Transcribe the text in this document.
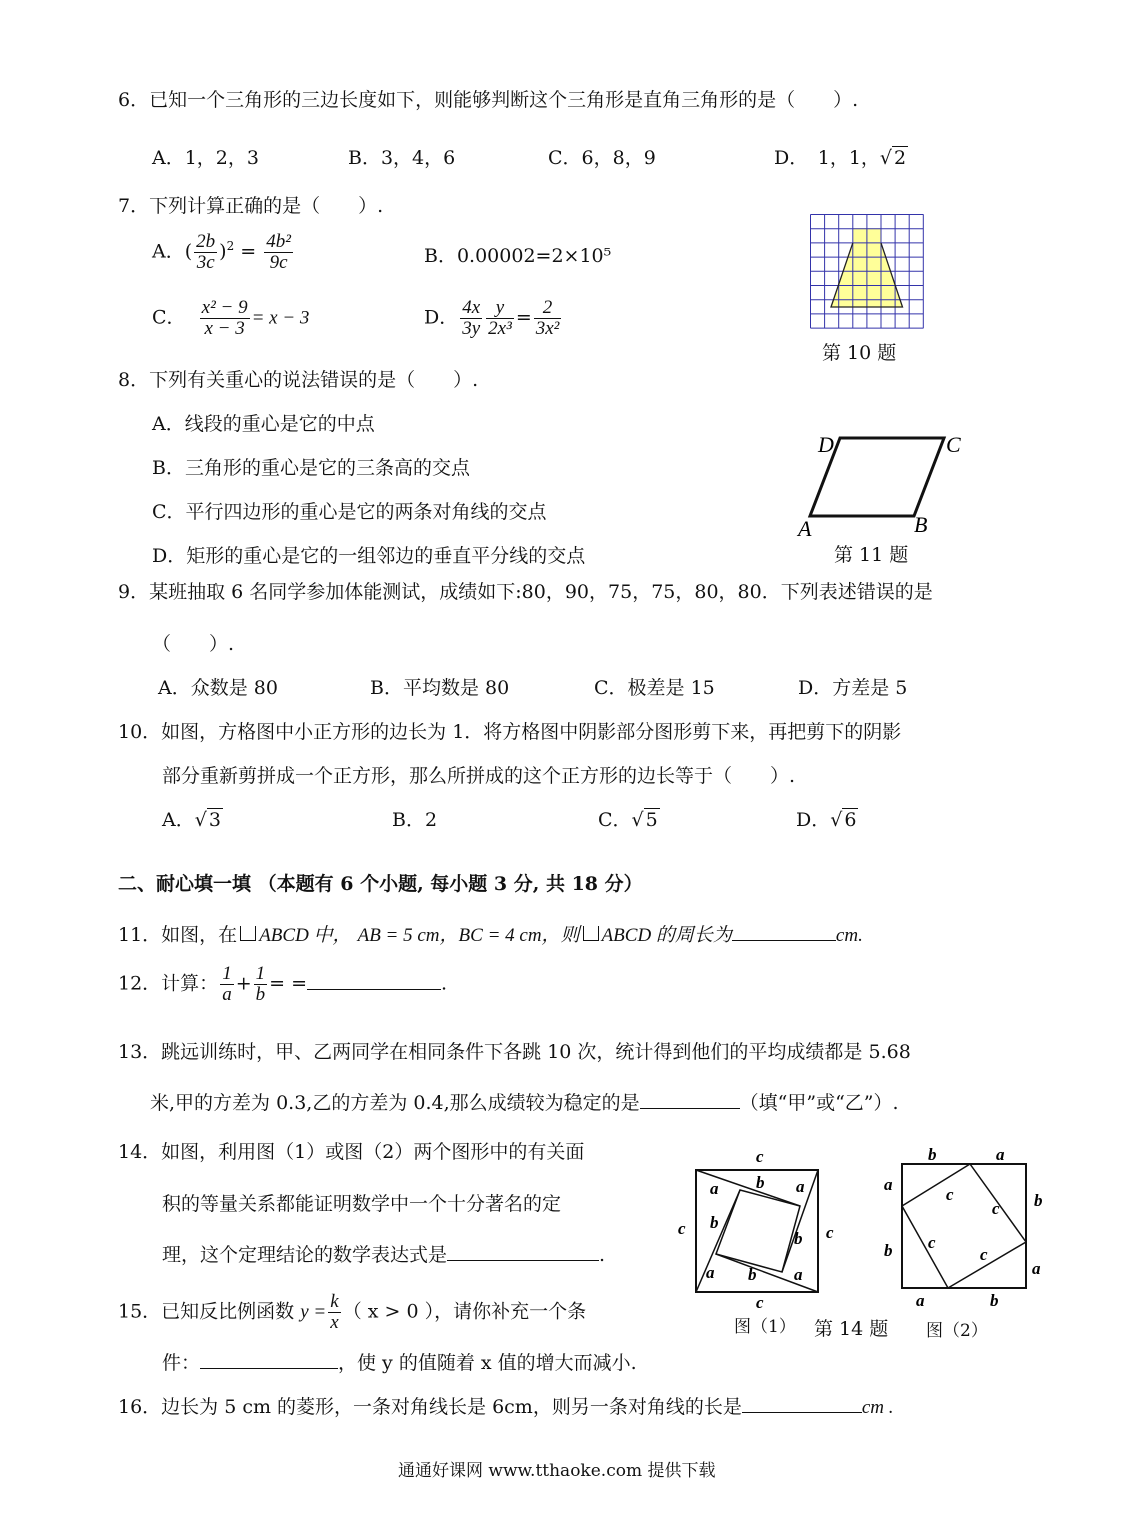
6．已知一个三角形的三边长度如下，则能够判断这个三角形是直角三角形的是（　　）.
A．1，2，3	B．3，4，6	C．6，8，9	D．　1，1，√ 2
7．下列计算正确的是（　　）.
A．( $\frac{2b}{3c} )^2 = \frac{\text{4b²}}{9c}$	B．0.00002=2×10⁵
C． $\frac{\text{x² − 9}}{x - 3} = x - 3$	D． $\frac{4x}{3y} \frac{y}{\text{2x³}} = \frac{2}{\text{3x²}}$
第 10 题
8．下列有关重心的说法错误的是（　　）.
A．线段的重心是它的中点
B．三角形的重心是它的三条高的交点
C．平行四边形的重心是它的两条对角线的交点
D．矩形的重心是它的一组邻边的垂直平分线的交点
D	C
A	B
第 11 题
9．某班抽取 6 名同学参加体能测试，成绩如下:80，90，75，75，80，80．下列表述错误的是
（　　）.
A．众数是 80	B．平均数是 80	C．极差是 15	D．方差是 5
10．如图，方格图中小正方形的边长为 1．将方格图中阴影部分图形剪下来，再把剪下的阴影
部分重新剪拼成一个正方形，那么所拼成的这个正方形的边长等于（　　）.
A．√ 3	B．2	C．√ 5	D．√ 6
二、耐心填一填 （本题有 6 个小题, 每小题 3 分, 共 18 分）
11．如图，在 ABCD 中， AB = 5 cm，BC = 4 cm，则 ABCD 的周长为	cm.
12．计算： $\frac{1}{a} + \frac{1}{b}$ = =	.
13．跳远训练时，甲、乙两同学在相同条件下各跳 10 次，统计得到他们的平均成绩都是 5.68
米,甲的方差为 0.3,乙的方差为 0.4,那么成绩较为稳定的是	（填“甲”或“乙”）.
14．如图，利用图（1）或图（2）两个图形中的有关面
积的等量关系都能证明数学中一个十分著名的定
理，这个定理结论的数学表达式是	.
c
a b a
c	c
b
b
a b a
c
b	a
a
b
c
c
c
c
b
a
a	b
图（1） 第 14 题 图（2）
15．已知反比例函数 $y = \frac{k}{x}$ （ x > 0 ），请你补充一个条
件：	，使 y 的值随着 x 值的增大而减小.
16．边长为 5 cm 的菱形，一条对角线长是 6cm，则另一条对角线的长是	cm .
通通好课网 www.tthaoke.com 提供下载
